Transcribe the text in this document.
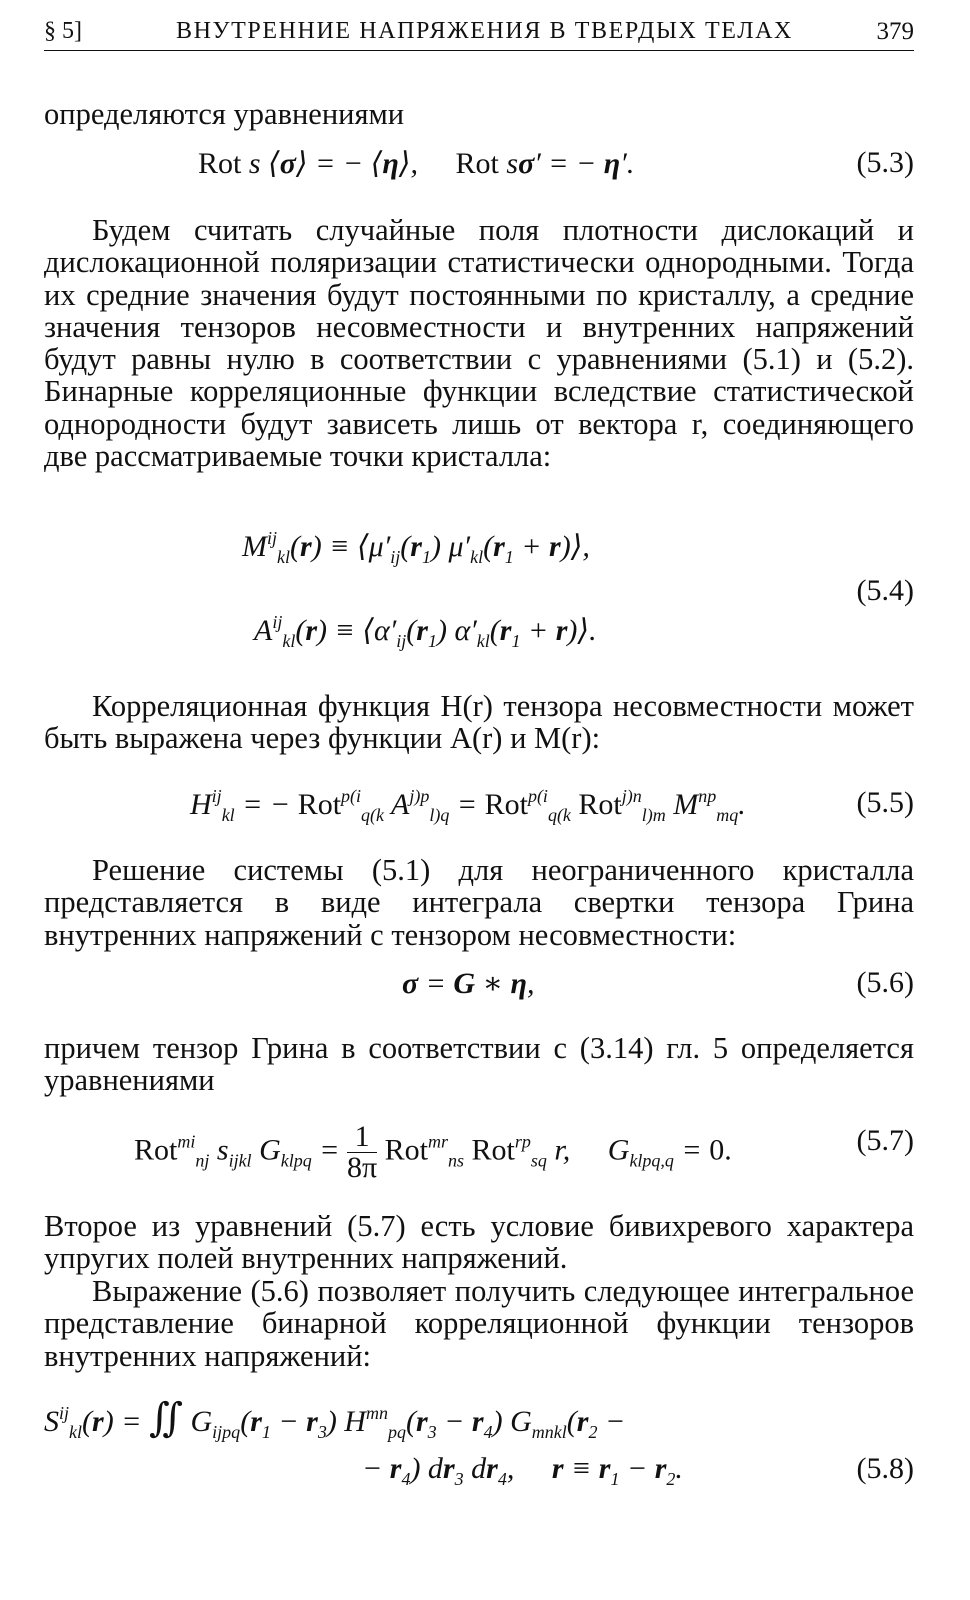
§ 5]	ВНУТРЕННИЕ НАПРЯЖЕНИЯ В ТВЕРДЫХ ТЕЛАХ	379
определяются уравнениями
Rot s ⟨σ⟩ = − ⟨η⟩,     Rot sσ′ = − η′.	(5.3)
Будем считать случайные поля плотности дислокаций и дислокационной поляризации статистически однородными. Тогда их средние значения будут постоянными по кристаллу, а средние значения тензоров несовместности и внутренних напряжений будут равны нулю в соответствии с уравнениями (5.1) и (5.2). Бинарные корреляционные функции вследствие статистической однородности будут зависеть лишь от вектора r, соединяющего две рассматриваемые точки кристалла:
$M^{ij}_{kl}(r)$ ≡ $⟨\mu'_{ij}(r_1) \mu'_{kl}(r_1$ + r)⟩,
$A^{ij}_{kl}(r)$ ≡ $⟨\alpha'_{ij}(r_1) \alpha'_{kl}(r_1$ + r)⟩.
(5.4)
Корреляционная функция H(r) тензора несовместности может быть выражена через функции A(r) и M(r):
$H^{ij}_{kl}$ = − Rot$^{p(i}_{q(k}$ $A^{j)p}_{l)q} = Rot^{p(i}_{q(k}$ Rot$^{j)n}_{l)m}$ $M^{np}_{mq}$.	(5.5)
Решение системы (5.1) для неограниченного кристалла представляется в виде интеграла свертки тензора Грина внутренних напряжений с тензором несовместности:
σ = G ∗ η,	(5.6)
причем тензор Грина в соответствии с (3.14) гл. 5 определяется уравнениями
Rot$^{mi}_{nj}$ $s_{ijkl}$ $G_{klpq} = \frac{1}{8\pi} Rot^{mr}_{ns}$ Rot$^{rp}_{sq}$ r,     $G_{klpq,q} = 0$.	(5.7)
Второе из уравнений (5.7) есть условие бивихревого характера упругих полей внутренних напряжений.
Выражение (5.6) позволяет получить следующее интегральное представление бинарной корреляционной функции тензоров внутренних напряжений:
$S^{ij}_{kl}(r)$ = ∬ $G_{ijpq}(r_1 - r_3) H^{mn}_{pq}(r_3 - r_4) G_{mnkl}(r_2$ −
− $r_4$) $dr_3$ $dr_4$,     $r \equiv r_1 - r_2$.	(5.8)
